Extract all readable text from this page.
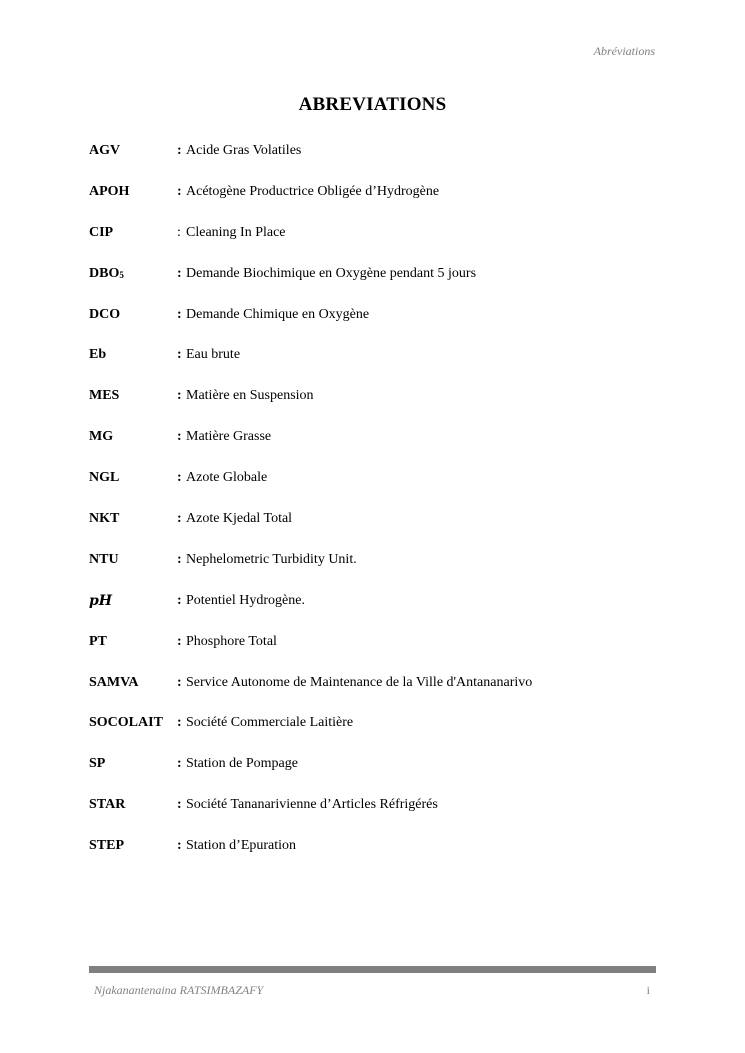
Abréviations
ABREVIATIONS
AGV	: Acide Gras Volatiles
APOH	: Acétogène Productrice Obligée d’Hydrogène
CIP	: Cleaning In Place
DBO5	: Demande Biochimique en Oxygène pendant 5 jours
DCO	: Demande Chimique en Oxygène
Eb	: Eau brute
MES	: Matière en Suspension
MG	: Matière Grasse
NGL	: Azote Globale
NKT	: Azote Kjedal Total
NTU	: Nephelometric Turbidity Unit.
𝒑𝑯	: Potentiel Hydrogène.
PT	: Phosphore Total
SAMVA	: Service Autonome de Maintenance de la Ville d'Antananarivo
SOCOLAIT : Société Commerciale Laitière
SP	: Station de Pompage
STAR	: Société Tananarivienne d’Articles Réfrigérés
STEP	: Station d’Epuration
Njakanantenaina RATSIMBAZAFY	i
